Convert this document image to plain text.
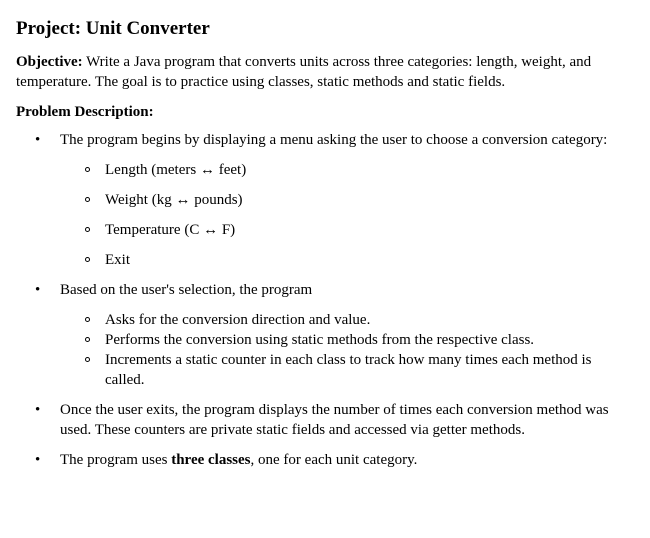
Project: Unit Converter

Objective: Write a Java program that converts units across three categories: length, weight, and temperature. The goal is to practice using classes, static methods and static fields.

Problem Description:
• The program begins by displaying a menu asking the user to choose a conversion category:
Length (meters ↔ feet)
Weight (kg ↔ pounds)
Temperature (C ↔ F)
Exit
• Based on the user's selection, the program
Asks for the conversion direction and value.
Performs the conversion using static methods from the respective class.
Increments a static counter in each class to track how many times each method is called.
• Once the user exits, the program displays the number of times each conversion method was used. These counters are private static fields and accessed via getter methods.
• The program uses three classes, one for each unit category.
